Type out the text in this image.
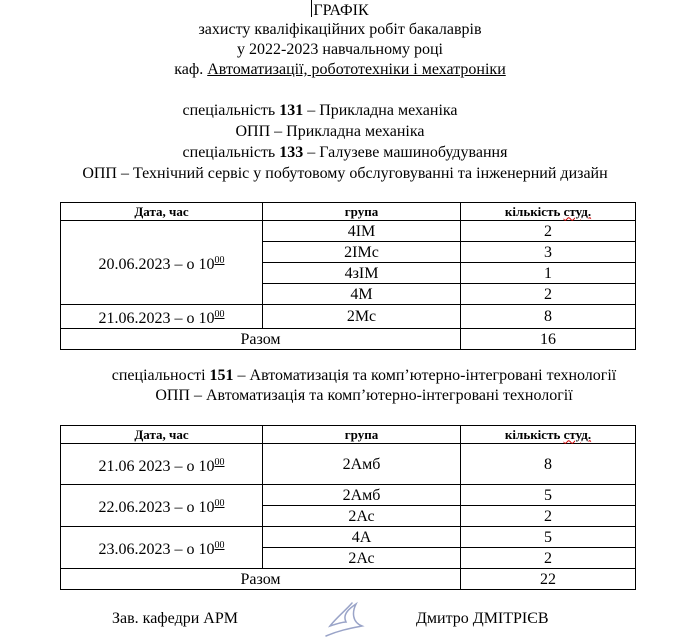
ГРАФІК
захисту кваліфікаційних робіт бакалаврів
у 2022-2023 навчальному році
каф. Автоматизації, робототехніки і мехатроніки
спеціальність 131 – Прикладна механіка
ОПП – Прикладна механіка
спеціальність 133 – Галузеве машинобудування
ОПП – Технічний сервіс у побутовому обслуговуванні та інженерний дизайн
Дата, час	група	кількість студ.
20.06.2023 – о $10^{00}$	4ІМ	2
	2ІМс	3
	4зІМ	1
	4М	2
21.06.2023 – о $10^{00}$	2Мс	8
Разом		16
спеціальності 151 – Автоматизація та комп’ютерно-інтегровані технології
ОПП – Автоматизація та комп’ютерно-інтегровані технології
Дата, час	група	кількість студ.
21.06 2023 – о $10^{00}$	2Амб	8
22.06.2023 – о $10^{00}$	2Амб	5
	2Ас	2
23.06.2023 – о $10^{00}$	4А	5
	2Ас	2
Разом		22
Зав. кафедри АРМ	Дмитро ДМІТРІЄВ
